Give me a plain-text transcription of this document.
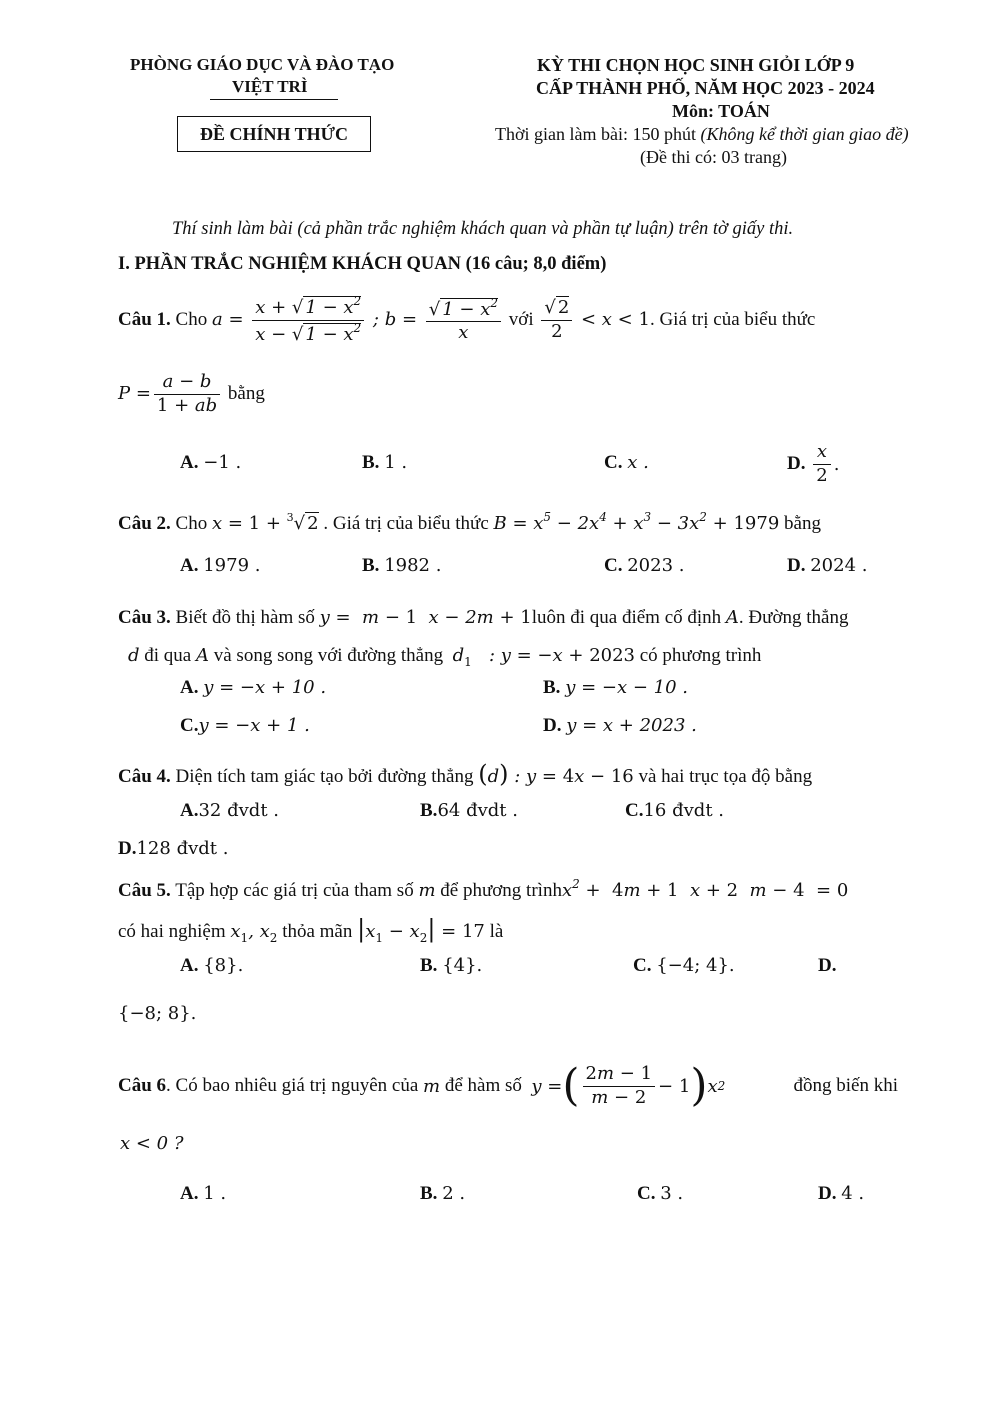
PHÒNG GIÁO DỤC VÀ ĐÀO TẠO
VIỆT TRÌ
ĐỀ CHÍNH THỨC
KỲ THI CHỌN HỌC SINH GIỎI LỚP 9
CẤP THÀNH PHỐ, NĂM HỌC 2023 - 2024
Môn: TOÁN
Thời gian làm bài: 150 phút (Không kể thời gian giao đề)
(Đề thi có: 03 trang)
Thí sinh làm bài (cả phần trắc nghiệm khách quan và phần tự luận) trên tờ giấy thi.
I. PHẦN TRẮC NGHIỆM KHÁCH QUAN (16 câu; 8,0 điểm)
Câu 1.
Cho
$a = \frac{x + √ 1 - x^2}{x - √ 1 - x^2}$ ; $b = \frac{√ 1 - x^2}{x}$
với
$\frac{√ 2}{2} < x < 1$ . Giá trị của biểu thức
$P = \frac{a - b}{1 + ab}$
bằng
A. −1 .	B. 1 .	C. x .	D.
$\frac{x}{2}$ .
Câu 2. Cho x = 1 + $^3$√ 2 . Giá trị của biểu thức $B = x^5 - 2x^4 + x^3 - 3x^2 + 1979$ bằng
A. 1979 .	B. 1982 .	C. 2023 .	D. 2024 .
Câu 3. Biết đồ thị hàm số y =  m − 1  x − 2m + 1luôn đi qua điểm cố định A. Đường thẳng
d đi qua A và song song với đường thẳng $d_1$   : y = −x + 2023 có phương trình
A. y = −x + 10 .	B. y = −x − 10 .
C.y = −x + 1 .	D. y = x + 2023 .
Câu 4. Diện tích tam giác tạo bởi đường thẳng (d) : y = 4x − 16 và hai trục tọa độ bằng
A.32 đvdt .	B.64 đvdt .	C.16 đvdt .
D.128 đvdt .
Câu 5. Tập hợp các giá trị của tham số m để phương trìnhx$^2$ +  4m + 1  x + 2  m − 4  = 0
có hai nghiệm $x_1$, $x_2$ thỏa mãn $|x_1 - x_2| = 17$ là
A. {8}.	B. {4}.	C. {−4; 4}.	D.
{−8; 8}.
Câu 6 . Có bao nhiêu giá trị nguyên của
m
để hàm số
y = ( $\frac{2m - 1}{m - 2} - 1$ ) x 2	đồng biến khi
x < 0 ?
A. 1 .	B. 2 .	C. 3 .	D. 4 .
